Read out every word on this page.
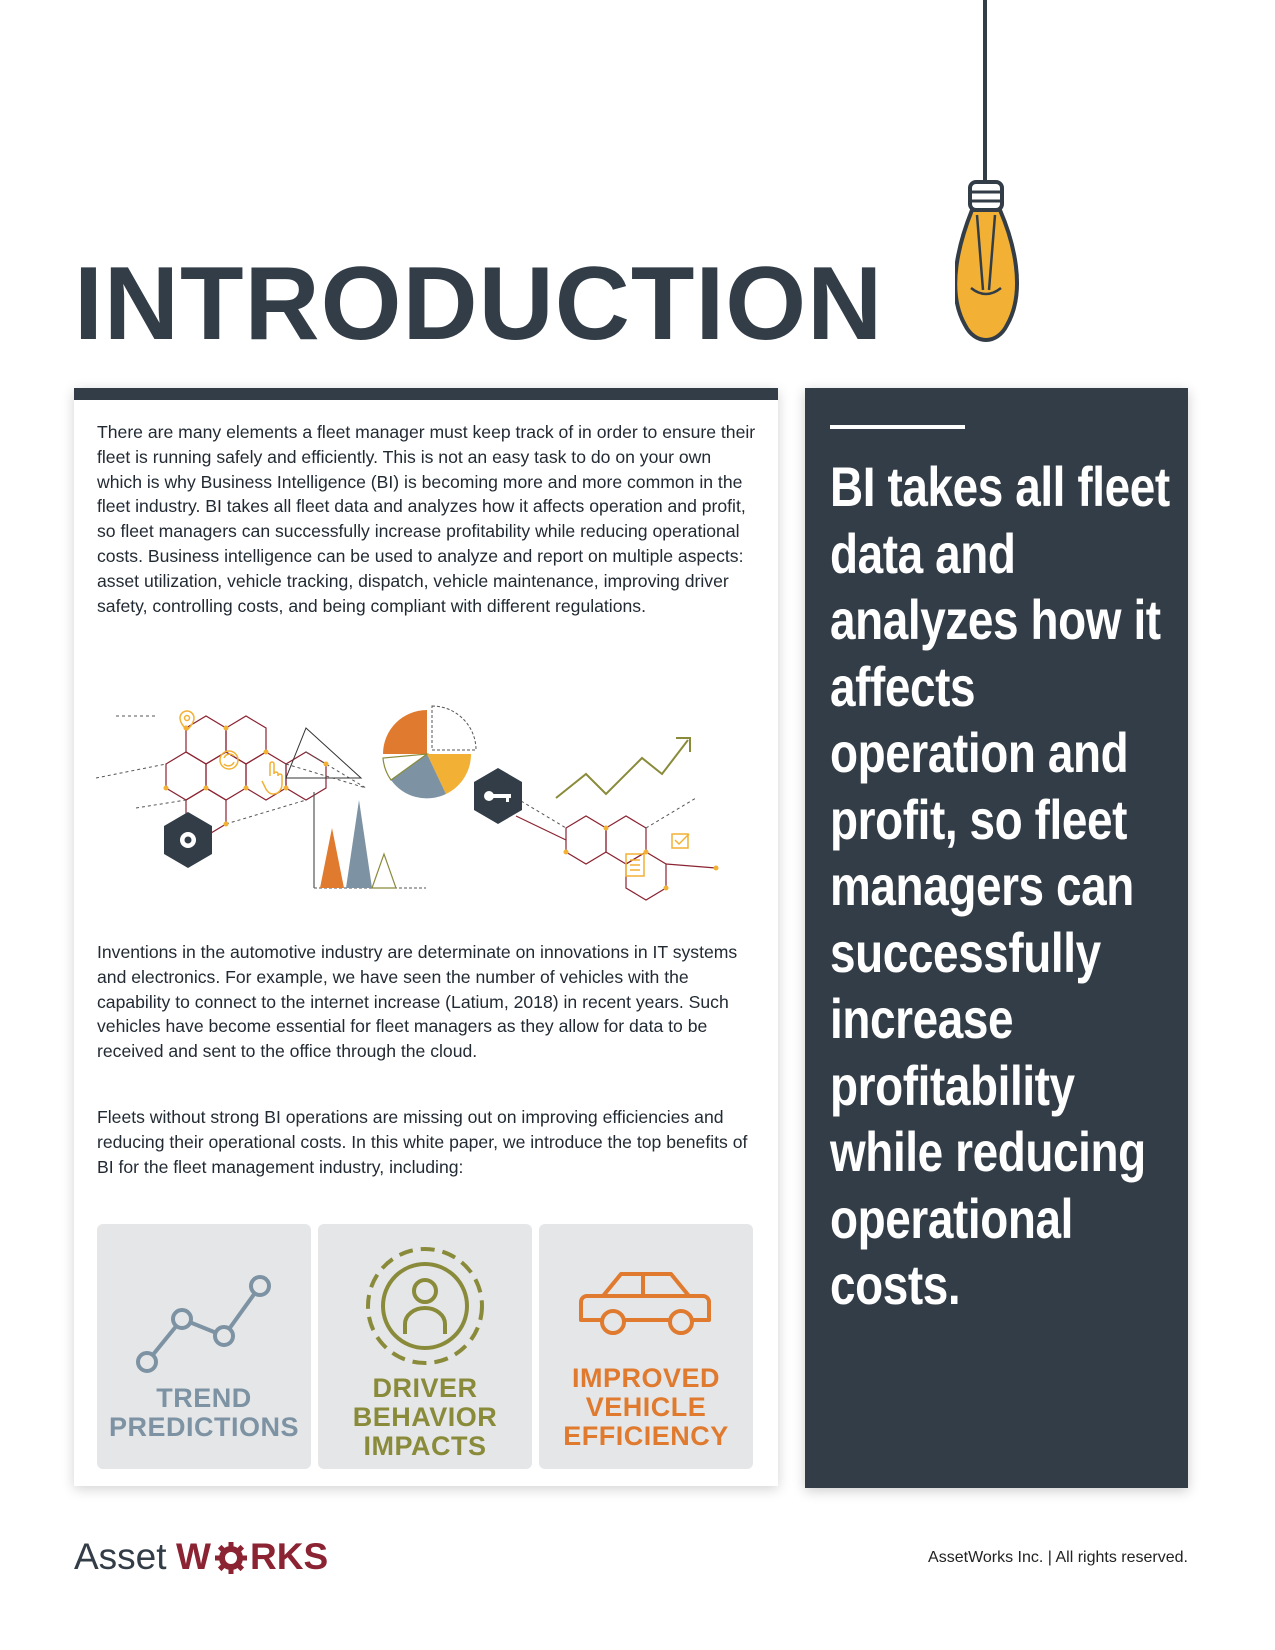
INTRODUCTION

There are many elements a fleet manager must keep track of in order to ensure their fleet is running safely and efficiently. This is not an easy task to do on your own which is why Business Intelligence (BI) is becoming more and more common in the fleet industry. BI takes all fleet data and analyzes how it affects operation and profit, so fleet managers can successfully increase profitability while reducing operational costs. Business intelligence can be used to analyze and report on multiple aspects: asset utilization, vehicle tracking, dispatch, vehicle maintenance, improving driver safety, controlling costs, and being compliant with different regulations.

Inventions in the automotive industry are determinate on innovations in IT systems and electronics. For example, we have seen the number of vehicles with the capability to connect to the internet increase (Latium, 2018) in recent years. Such vehicles have become essential for fleet managers as they allow for data to be received and sent to the office through the cloud.

Fleets without strong BI operations are missing out on improving efficiencies and reducing their operational costs. In this white paper, we introduce the top benefits of BI for the fleet management industry, including:

TREND PREDICTIONS
DRIVER BEHAVIOR IMPACTS
IMPROVED VEHICLE EFFICIENCY

BI takes all fleet data and analyzes how it affects operation and profit, so fleet managers can successfully increase profitability while reducing operational costs.

Asset W RKS	AssetWorks Inc. | All rights reserved.
